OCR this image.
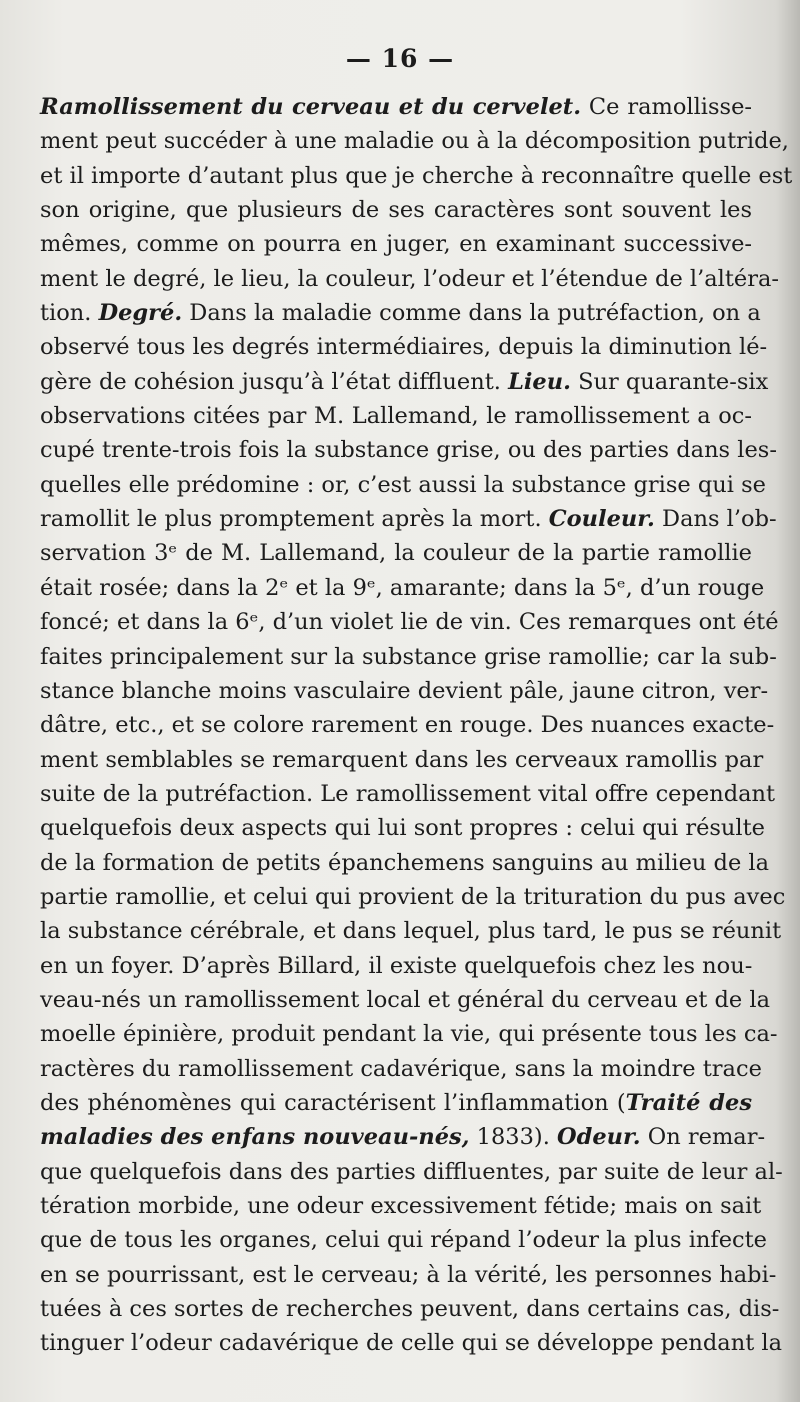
— 16 —
Ramollissement du cerveau et du cervelet. Ce ramollisse-
ment peut succéder à une maladie ou à la décomposition putride,
et il importe d’autant plus que je cherche à reconnaître quelle est
son origine, que plusieurs de ses caractères sont souvent les
mêmes, comme on pourra en juger, en examinant successive-
ment le degré, le lieu, la couleur, l’odeur et l’étendue de l’altéra-
tion. Degré. Dans la maladie comme dans la putréfaction, on a
observé tous les degrés intermédiaires, depuis la diminution lé-
gère de cohésion jusqu’à l’état diffluent. Lieu. Sur quarante-six
observations citées par M. Lallemand, le ramollissement a oc-
cupé trente-trois fois la substance grise, ou des parties dans les-
quelles elle prédomine : or, c’est aussi la substance grise qui se
ramollit le plus promptement après la mort. Couleur. Dans l’ob-
servation 3ᵉ de M. Lallemand, la couleur de la partie ramollie
était rosée; dans la 2ᵉ et la 9ᵉ, amarante; dans la 5ᵉ, d’un rouge
foncé; et dans la 6ᵉ, d’un violet lie de vin. Ces remarques ont été
faites principalement sur la substance grise ramollie; car la sub-
stance blanche moins vasculaire devient pâle, jaune citron, ver-
dâtre, etc., et se colore rarement en rouge. Des nuances exacte-
ment semblables se remarquent dans les cerveaux ramollis par
suite de la putréfaction. Le ramollissement vital offre cependant
quelquefois deux aspects qui lui sont propres : celui qui résulte
de la formation de petits épanchemens sanguins au milieu de la
partie ramollie, et celui qui provient de la trituration du pus avec
la substance cérébrale, et dans lequel, plus tard, le pus se réunit
en un foyer. D’après Billard, il existe quelquefois chez les nou-
veau-nés un ramollissement local et général du cerveau et de la
moelle épinière, produit pendant la vie, qui présente tous les ca-
ractères du ramollissement cadavérique, sans la moindre trace
des phénomènes qui caractérisent l’inflammation (Traité des
maladies des enfans nouveau-nés, 1833). Odeur. On remar-
que quelquefois dans des parties diffluentes, par suite de leur al-
tération morbide, une odeur excessivement fétide; mais on sait
que de tous les organes, celui qui répand l’odeur la plus infecte
en se pourrissant, est le cerveau; à la vérité, les personnes habi-
tuées à ces sortes de recherches peuvent, dans certains cas, dis-
tinguer l’odeur cadavérique de celle qui se développe pendant la
